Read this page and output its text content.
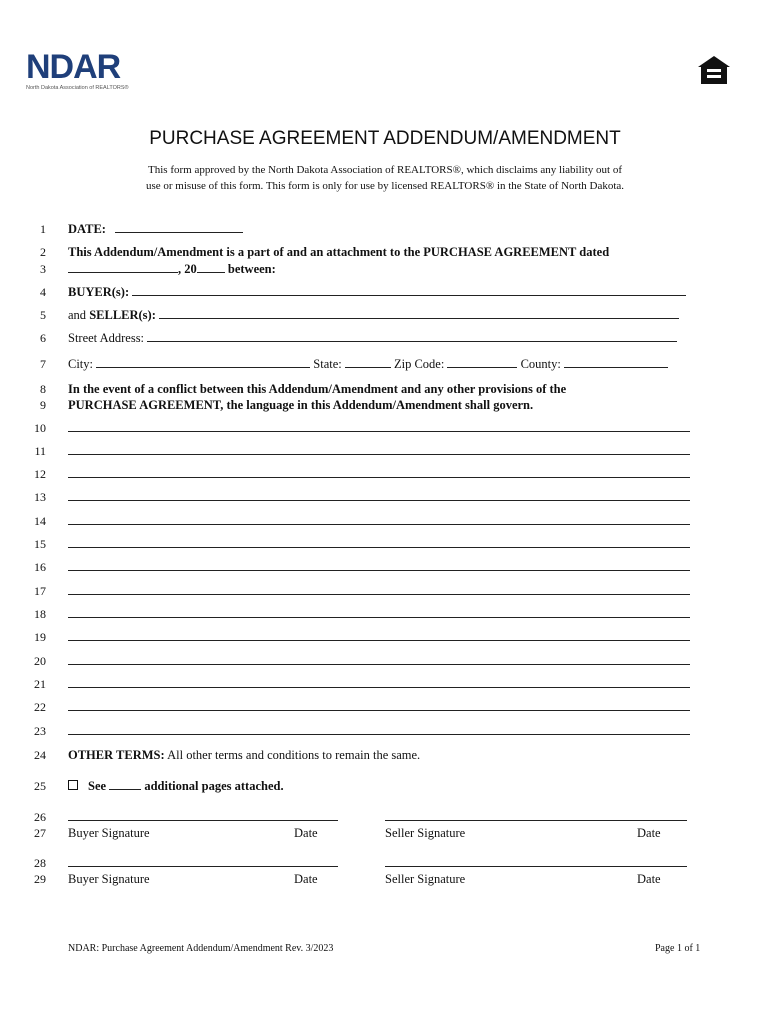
NDAR
North Dakota Association of REALTORS®
PURCHASE AGREEMENT ADDENDUM/AMENDMENT
This form approved by the North Dakota Association of REALTORS®, which disclaims any liability out of
use or misuse of this form. This form is only for use by licensed REALTORS® in the State of North Dakota.
1
2
3
4
5
6
7
8
9
10
11
12
13
14
15
16
17
18
19
20
21
22
23
24
25
26
27
28
29
DATE:
This Addendum/Amendment is a part of and an attachment to the PURCHASE AGREEMENT dated
, 20 between:
BUYER(s):
and SELLER(s):
Street Address:
City:	State:	Zip Code:	County:
In the event of a conflict between this Addendum/Amendment and any other provisions of the
PURCHASE AGREEMENT, the language in this Addendum/Amendment shall govern.
OTHER TERMS: All other terms and conditions to remain the same.
See	additional pages attached.
Buyer Signature	Date	Seller Signature	Date
Buyer Signature	Date	Seller Signature	Date
NDAR: Purchase Agreement Addendum/Amendment Rev. 3/2023	Page 1 of 1
